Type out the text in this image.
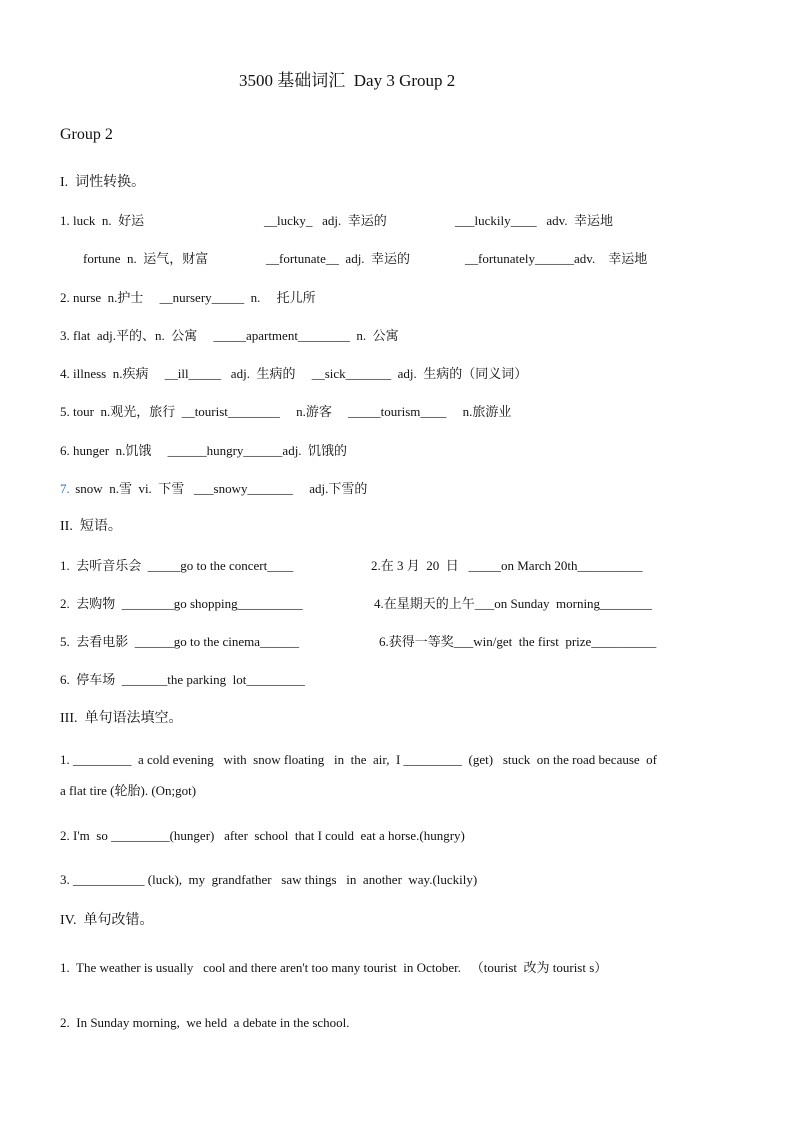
3500 基础词汇  Day 3 Group 2
Group 2
I.  词性转换。
1. luck  n.  好运	__lucky_   adj.  幸运的	___luckily____   adv.  幸运地
fortune  n.  运气，财富	__fortunate__  adj.  幸运的	__fortunately______adv.    幸运地
2. nurse  n.护士     __nursery_____  n.     托儿所
3. flat  adj.平的、n.  公寓     _____apartment________  n.  公寓
4. illness  n.疾病     __ill_____   adj.  生病的     __sick_______  adj.  生病的（同义词）
5. tour  n.观光，旅行  __tourist________     n.游客     _____tourism____     n.旅游业
6. hunger  n.饥饿     ______hungry______adj.  饥饿的
7. snow  n.雪  vi.  下雪   ___snowy_______     adj.下雪的
II.  短语。
1.  去听音乐会  _____go to the concert____	2.在 3 月  20  日   _____on March 20th__________
2.  去购物  ________go shopping__________	4.在星期天的上午___on Sunday  morning________
5.  去看电影  ______go to the cinema______	6.获得一等奖___win/get  the first  prize__________
6.  停车场  _______the parking  lot_________
III.  单句语法填空。
1. _________  a cold evening   with  snow floating   in  the  air,  I _________  (get)   stuck  on the road because  of
a flat tire (轮胎). (On;got)
2. I'm  so _________(hunger)   after  school  that I could  eat a horse.(hungry)
3. ___________ (luck),  my  grandfather   saw things   in  another  way.(luckily)
IV.  单句改错。
1.  The weather is usually   cool and there aren't too many tourist  in October.   （tourist  改为 tourist s）
2.  In Sunday morning,  we held  a debate in the school.
